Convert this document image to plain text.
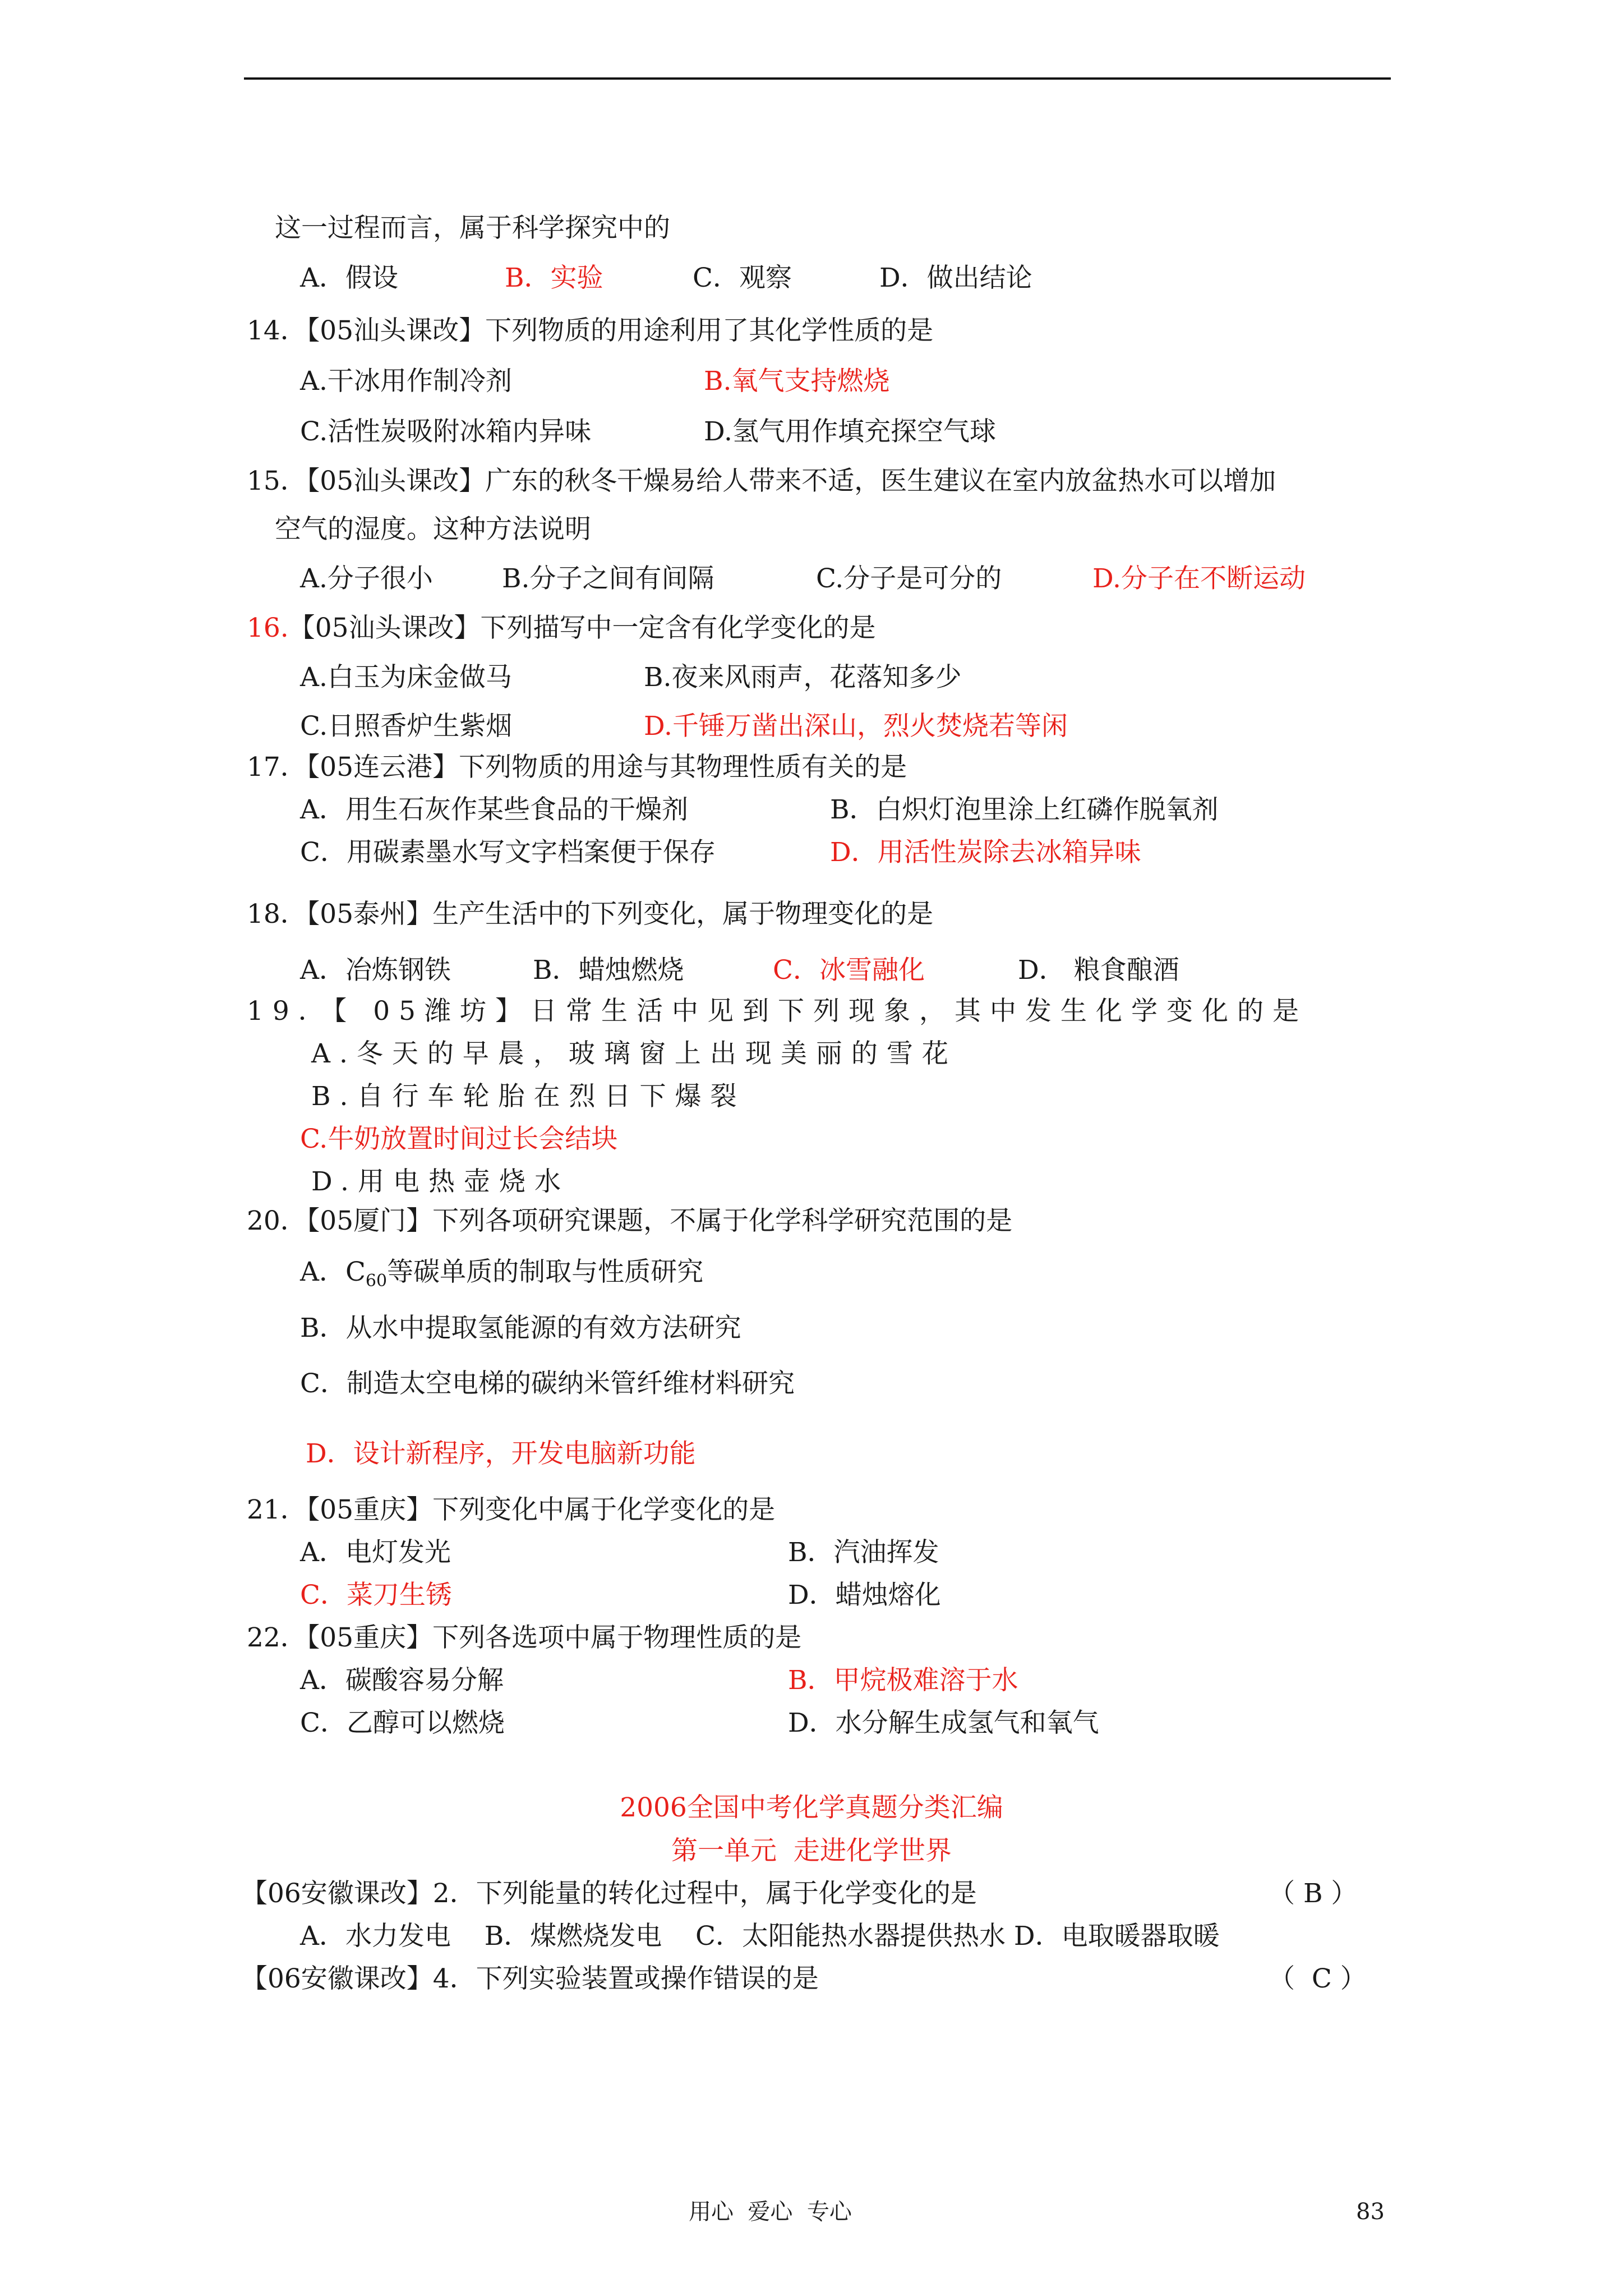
这一过程而言，属于科学探究中的
A．假设	B．实验	C．观察	D．做出结论
14．【05汕头课改】下列物质的用途利用了其化学性质的是
A.干冰用作制冷剂	B.氧气支持燃烧
C.活性炭吸附冰箱内异味	D.氢气用作填充探空气球
15．【05汕头课改】广东的秋冬干燥易给人带来不适，医生建议在室内放盆热水可以增加
空气的湿度。这种方法说明
A.分子很小	B.分子之间有间隔	C.分子是可分的	D.分子在不断运动
16.【05汕头课改】下列描写中一定含有化学变化的是
A.白玉为床金做马	B.夜来风雨声，花落知多少
C.日照香炉生紫烟	D.千锤万凿出深山，烈火焚烧若等闲
17．【05连云港】下列物质的用途与其物理性质有关的是
A．用生石灰作某些食品的干燥剂	B．白炽灯泡里涂上红磷作脱氧剂
C．用碳素墨水写文字档案便于保存	D．用活性炭除去冰箱异味
18．【05泰州】生产生活中的下列变化，属于物理变化的是
A．冶炼钢铁	B．蜡烛燃烧	C．冰雪融化	D． 粮食酿酒
19．【 05潍坊】日常生活中见到下列现象，其中发生化学变化的是
A.冬天的早晨，玻璃窗上出现美丽的雪花
B.自行车轮胎在烈日下爆裂
C.牛奶放置时间过长会结块
D.用电热壶烧水
20．【05厦门】下列各项研究课题，不属于化学科学研究范围的是
A．$C_{60}$等碳单质的制取与性质研究
B．从水中提取氢能源的有效方法研究
C．制造太空电梯的碳纳米管纤维材料研究
D．设计新程序，开发电脑新功能
21．【05重庆】下列变化中属于化学变化的是
A．电灯发光	B．汽油挥发
C．菜刀生锈	D．蜡烛熔化
22．【05重庆】下列各选项中属于物理性质的是
A．碳酸容易分解	B．甲烷极难溶于水
C．乙醇可以燃烧	D．水分解生成氢气和氧气
2006全国中考化学真题分类汇编
第一单元  走进化学世界
【06安徽课改】2．下列能量的转化过程中，属于化学变化的是	（ B ）
A．水力发电    B．煤燃烧发电    C．太阳能热水器提供热水 D．电取暖器取暖
【06安徽课改】4．下列实验装置或操作错误的是	（  C ）
用心  爱心  专心	83
